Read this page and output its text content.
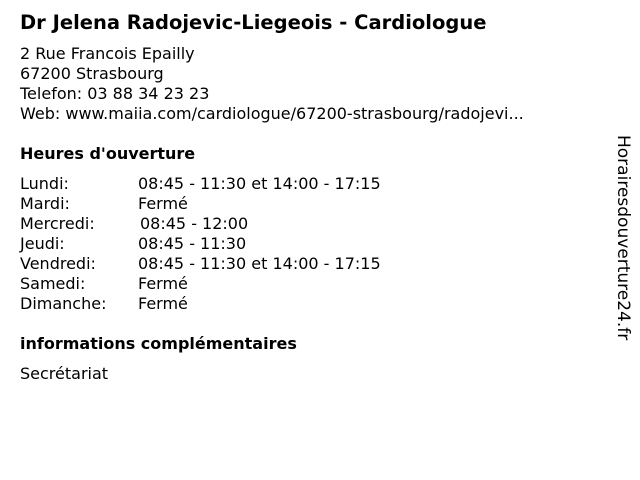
Dr Jelena Radojevic-Liegeois - Cardiologue
2 Rue Francois Epailly
67200 Strasbourg
Telefon: 03 88 34 23 23
Web: www.maiia.com/cardiologue/67200-strasbourg/radojevi...
Heures d'ouverture
Lundi:	08:45 - 11:30 et 14:00 - 17:15
Mardi:	Fermé
Mercredi:	08:45 - 12:00
Jeudi:	08:45 - 11:30
Vendredi:	08:45 - 11:30 et 14:00 - 17:15
Samedi:	Fermé
Dimanche: Fermé
informations complémentaires
Secrétariat
Horairesdouverture24.fr
